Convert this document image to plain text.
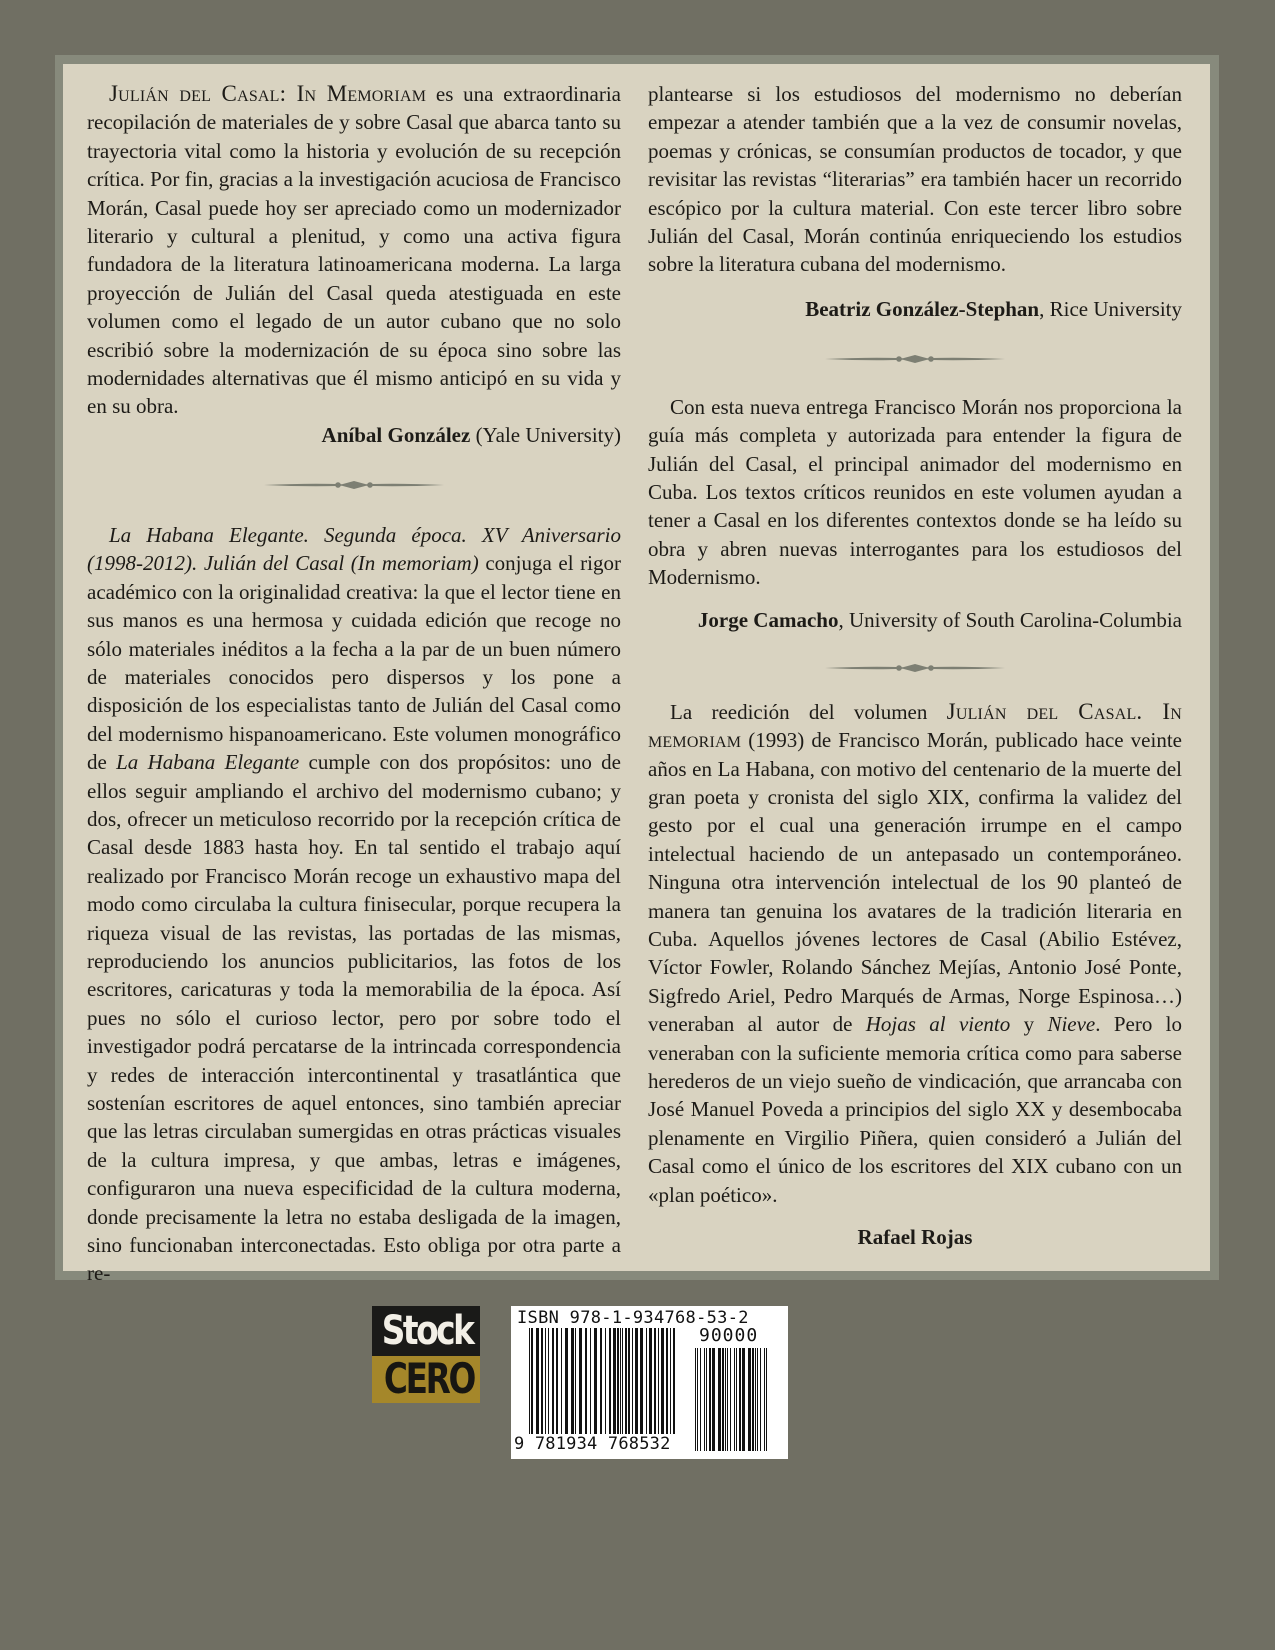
Julián del Casal: In Memoriam es una extraordinaria recopilación de materiales de y sobre Casal que abarca tanto su trayectoria vital como la historia y evolución de su recepción crítica. Por fin, gracias a la investigación acuciosa de Francisco Morán, Casal puede hoy ser apreciado como un modernizador literario y cultural a plenitud, y como una activa figura fundadora de la literatura latinoamericana moderna. La larga proyección de Julián del Casal queda atestiguada en este volumen como el legado de un autor cubano que no solo escribió sobre la modernización de su época sino sobre las modernidades alternativas que él mismo anticipó en su vida y en su obra.

Aníbal González (Yale University)

La Habana Elegante. Segunda época. XV Aniversario (1998-2012). Julián del Casal (In memoriam) conjuga el rigor académico con la originalidad creativa: la que el lector tiene en sus manos es una hermosa y cuidada edición que recoge no sólo materiales inéditos a la fecha a la par de un buen número de materiales conocidos pero dispersos y los pone a disposición de los especialistas tanto de Julián del Casal como del modernismo hispanoamericano. Este volumen monográfico de La Habana Elegante cumple con dos propósitos: uno de ellos seguir ampliando el archivo del modernismo cubano; y dos, ofrecer un meticuloso recorrido por la recepción crítica de Casal desde 1883 hasta hoy. En tal sentido el trabajo aquí realizado por Francisco Morán recoge un exhaustivo mapa del modo como circulaba la cultura finisecular, porque recupera la riqueza visual de las revistas, las portadas de las mismas, reproduciendo los anuncios publicitarios, las fotos de los escritores, caricaturas y toda la memorabilia de la época. Así pues no sólo el curioso lector, pero por sobre todo el investigador podrá percatarse de la intrincada correspondencia y redes de interacción intercontinental y trasatlántica que sostenían escritores de aquel entonces, sino también apreciar que las letras circulaban sumergidas en otras prácticas visuales de la cultura impresa, y que ambas, letras e imágenes, configuraron una nueva especificidad de la cultura moderna, donde precisamente la letra no estaba desligada de la imagen, sino funcionaban interconectadas. Esto obliga por otra parte a re-

plantearse si los estudiosos del modernismo no deberían empezar a atender también que a la vez de consumir novelas, poemas y crónicas, se consumían productos de tocador, y que revisitar las revistas “literarias” era también hacer un recorrido escópico por la cultura material. Con este tercer libro sobre Julián del Casal, Morán continúa enriqueciendo los estudios sobre la literatura cubana del modernismo.

Beatriz González-Stephan, Rice University

Con esta nueva entrega Francisco Morán nos proporciona la guía más completa y autorizada para entender la figura de Julián del Casal, el principal animador del modernismo en Cuba. Los textos críticos reunidos en este volumen ayudan a tener a Casal en los diferentes contextos donde se ha leído su obra y abren nuevas interrogantes para los estudiosos del Modernismo.

Jorge Camacho, University of South Carolina-Columbia

La reedición del volumen Julián del Casal. In memoriam (1993) de Francisco Morán, publicado hace veinte años en La Habana, con motivo del centenario de la muerte del gran poeta y cronista del siglo XIX, confirma la validez del gesto por el cual una generación irrumpe en el campo intelectual haciendo de un antepasado un contemporáneo. Ninguna otra intervención intelectual de los 90 planteó de manera tan genuina los avatares de la tradición literaria en Cuba. Aquellos jóvenes lectores de Casal (Abilio Estévez, Víctor Fowler, Rolando Sánchez Mejías, Antonio José Ponte, Sigfredo Ariel, Pedro Marqués de Armas, Norge Espinosa…) veneraban al autor de Hojas al viento y Nieve. Pero lo veneraban con la suficiente memoria crítica como para saberse herederos de un viejo sueño de vindicación, que arrancaba con José Manuel Poveda a principios del siglo XX y desembocaba plenamente en Virgilio Piñera, quien consideró a Julián del Casal como el único de los escritores del XIX cubano con un «plan poético».

Rafael Rojas

Stock
CERO
ISBN 978-1-934768-53-2
90000
9 781934 768532
